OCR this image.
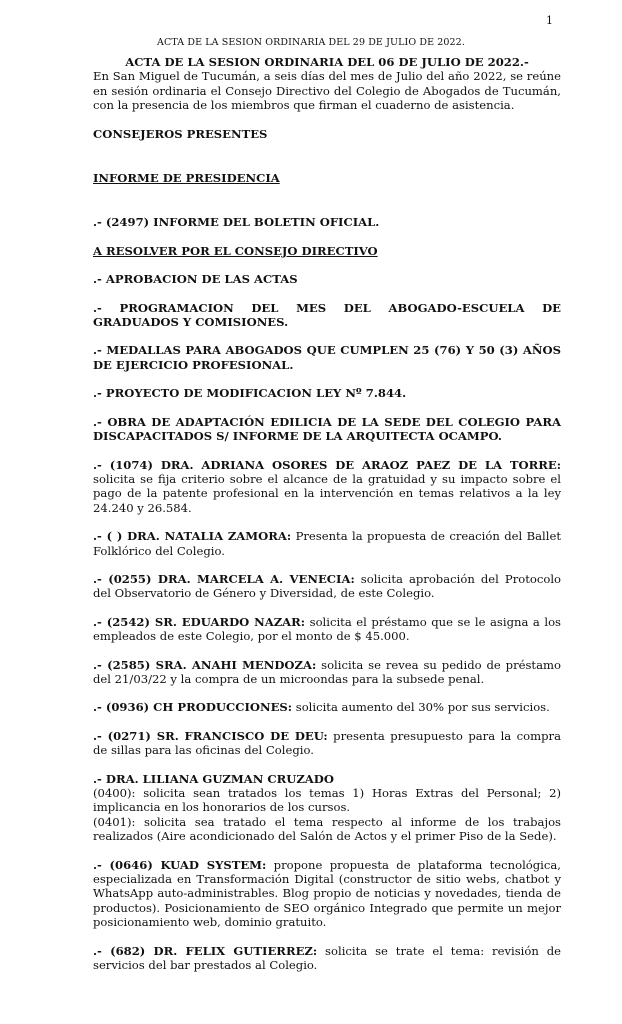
1
ACTA DE LA SESION ORDINARIA DEL 29 DE JULIO DE 2022.

ACTA DE LA SESION ORDINARIA DEL 06 DE JULIO DE 2022.-

En San Miguel de Tucumán, a seis días del mes de Julio del año 2022, se reúne en sesión ordinaria el Consejo Directivo del Colegio de Abogados de Tucumán, con la presencia de los miembros que firman el cuaderno de asistencia.

CONSEJEROS PRESENTES

INFORME DE PRESIDENCIA

.- (2497) INFORME DEL BOLETIN OFICIAL.

A RESOLVER POR EL CONSEJO DIRECTIVO

.- APROBACION DE LAS ACTAS

.- PROGRAMACION DEL MES DEL ABOGADO-ESCUELA DE GRADUADOS Y COMISIONES.

.- MEDALLAS PARA ABOGADOS QUE CUMPLEN 25 (76) Y 50 (3) AÑOS DE EJERCICIO PROFESIONAL.

.- PROYECTO DE MODIFICACION LEY Nº 7.844.

.- OBRA DE ADAPTACIÓN EDILICIA DE LA SEDE DEL COLEGIO PARA DISCAPACITADOS S/ INFORME DE LA ARQUITECTA OCAMPO.

.- (1074) DRA. ADRIANA OSORES DE ARAOZ PAEZ DE LA TORRE: solicita se fija criterio sobre el alcance de la gratuidad y su impacto sobre el pago de la patente profesional en la intervención en temas relativos a la ley 24.240 y 26.584.

.- ( ) DRA. NATALIA ZAMORA: Presenta la propuesta de creación del Ballet Folklórico del Colegio.

.- (0255) DRA. MARCELA A. VENECIA: solicita aprobación del Protocolo del Observatorio de Género y Diversidad, de este Colegio.

.- (2542) SR. EDUARDO NAZAR: solicita el préstamo que se le asigna a los empleados de este Colegio, por el monto de $ 45.000.

.- (2585) SRA. ANAHI MENDOZA: solicita se revea su pedido de préstamo del 21/03/22 y la compra de un microondas para la subsede penal.

.- (0936) CH PRODUCCIONES: solicita aumento del 30% por sus servicios.

.- (0271) SR. FRANCISCO DE DEU: presenta presupuesto para la compra de sillas para las oficinas del Colegio.

.- DRA. LILIANA GUZMAN CRUZADO

(0400): solicita sean tratados los temas 1) Horas Extras del Personal; 2) implicancia en los honorarios de los cursos.

(0401): solicita sea tratado el tema respecto al informe de los trabajos realizados (Aire acondicionado del Salón de Actos y el primer Piso de la Sede).

.- (0646) KUAD SYSTEM: propone propuesta de plataforma tecnológica, especializada en Transformación Digital (constructor de sitio webs, chatbot y WhatsApp auto-administrables. Blog propio de noticias y novedades, tienda de productos). Posicionamiento de SEO orgánico Integrado que permite un mejor posicionamiento web, dominio gratuito.

.- (682) DR. FELIX GUTIERREZ: solicita se trate el tema: revisión de servicios del bar prestados al Colegio.
